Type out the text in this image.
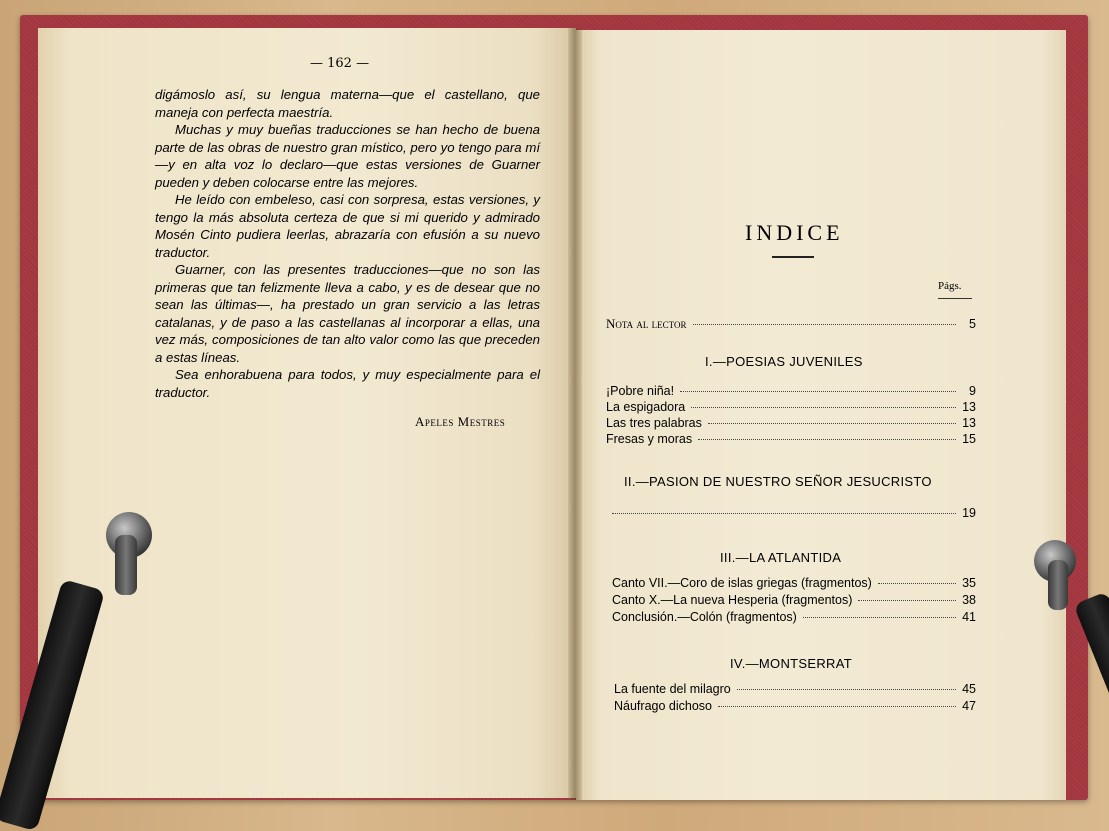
— 162 —

digámoslo así, su lengua materna—que el castellano, que maneja con perfecta maestría.

Muchas y muy bueñas traducciones se han hecho de buena parte de las obras de nuestro gran místico, pero yo tengo para mí—y en alta voz lo declaro—que estas versiones de Guarner pueden y deben colocarse entre las mejores.

He leído con embeleso, casi con sorpresa, estas versiones, y tengo la más absoluta certeza de que si mi querido y admirado Mosén Cinto pudiera leerlas, abrazaría con efusión a su nuevo traductor.

Guarner, con las presentes traducciones—que no son las primeras que tan felizmente lleva a cabo, y es de desear que no sean las últimas—, ha prestado un gran servicio a las letras catalanas, y de paso a las castellanas al incorporar a ellas, una vez más, composiciones de tan alto valor como las que preceden a estas líneas.

Sea enhorabuena para todos, y muy especialmente para el traductor.

Apeles Mestres
INDICE
Págs.
Nota al lector	5
I.—POESIAS JUVENILES
¡Pobre niña!	9
La espigadora	13
Las tres palabras	13
Fresas y moras	15
II.—PASION DE NUESTRO SEÑOR JESUCRISTO
19
III.—LA ATLANTIDA
Canto VII.—Coro de islas griegas (fragmentos)	35
Canto X.—La nueva Hesperia (fragmentos)	38
Conclusión.—Colón (fragmentos)	41
IV.—MONTSERRAT
La fuente del milagro	45
Náufrago dichoso	47
